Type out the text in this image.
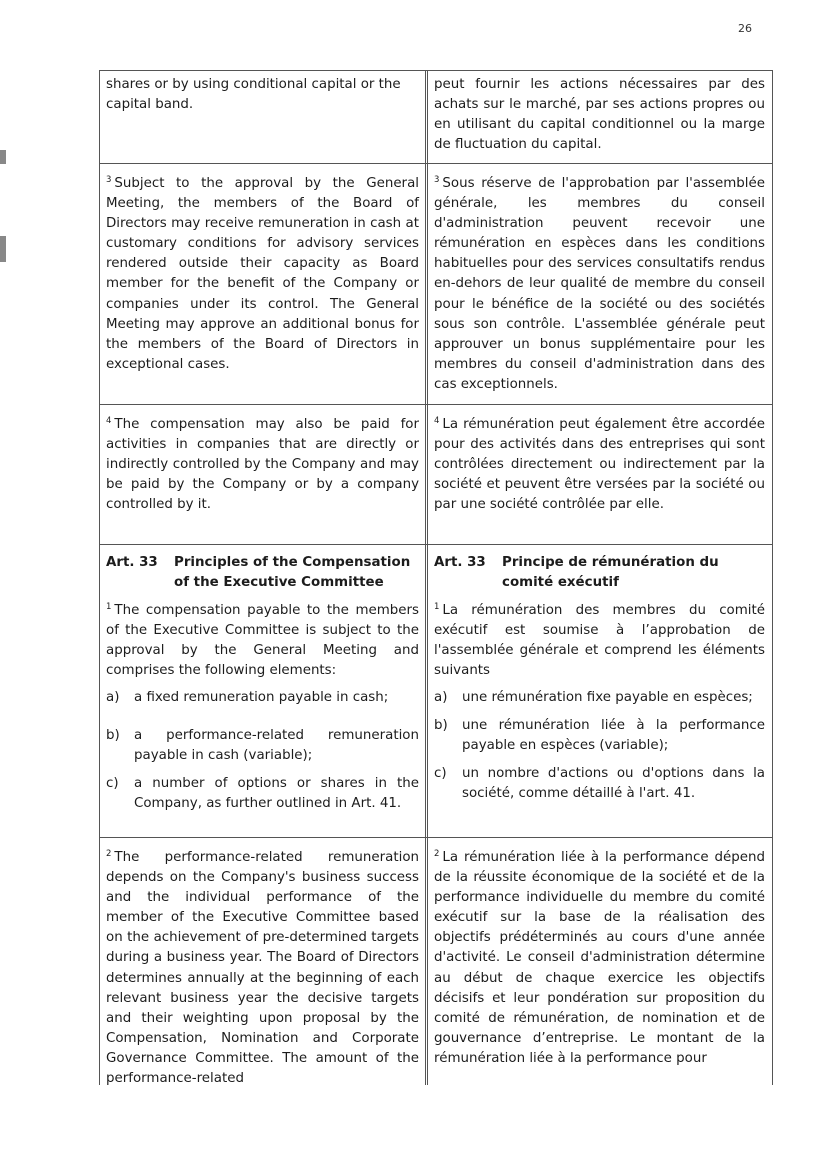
26

shares or by using conditional capital or the capital band.

peut fournir les actions nécessaires par des achats sur le marché, par ses actions propres ou en utilisant du capital conditionnel ou la marge de fluctuation du capital.

$^3$ Subject to the approval by the General Meeting, the members of the Board of Directors may receive remuneration in cash at customary conditions for advisory services rendered outside their capacity as Board member for the benefit of the Company or companies under its control. The General Meeting may approve an additional bonus for the members of the Board of Directors in exceptional cases.

$^3$ Sous réserve de l'approbation par l'assemblée générale, les membres du conseil d'administration peuvent recevoir une rémunération en espèces dans les conditions habituelles pour des services consultatifs rendus en-dehors de leur qualité de membre du conseil pour le bénéfice de la société ou des sociétés sous son contrôle. L'assemblée générale peut approuver un bonus supplémentaire pour les membres du conseil d'administration dans des cas exceptionnels.

$^4$ The compensation may also be paid for activities in companies that are directly or indirectly controlled by the Company and may be paid by the Company or by a company controlled by it.

$^4$ La rémunération peut également être accordée pour des activités dans des entreprises qui sont contrôlées directement ou indirectement par la société et peuvent être versées par la société ou par une société contrôlée par elle.

Art. 33	Principles of the Compensation
of the Executive Committee

$^1$ The compensation payable to the members of the Executive Committee is subject to the approval by the General Meeting and comprises the following elements:

a)	a fixed remuneration payable in cash;
b)	a performance-related remuneration payable in cash (variable);
c)	a number of options or shares in the Company, as further outlined in Art. 41.
Art. 33	Principe de rémunération du
comité exécutif

$^1$ La rémunération des membres du comité exécutif est soumise à l’approbation de l'assemblée générale et comprend les éléments suivants

a)	une rémunération fixe payable en espèces;
b)	une rémunération liée à la performance payable en espèces (variable);
c)	un nombre d'actions ou d'options dans la société, comme détaillé à l'art. 41.

$^2$ The performance-related remuneration depends on the Company's business success and the individual performance of the member of the Executive Committee based on the achievement of pre-determined targets during a business year. The Board of Directors determines annually at the beginning of each relevant business year the decisive targets and their weighting upon proposal by the Compensation, Nomination and Corporate Governance Committee. The amount of the performance-related

$^2$ La rémunération liée à la performance dépend de la réussite économique de la société et de la performance individuelle du membre du comité exécutif sur la base de la réalisation des objectifs prédéterminés au cours d'une année d'activité. Le conseil d'administration détermine au début de chaque exercice les objectifs décisifs et leur pondération sur proposition du comité de rémunération, de nomination et de gouvernance d’entreprise. Le montant de la rémunération liée à la performance pour
